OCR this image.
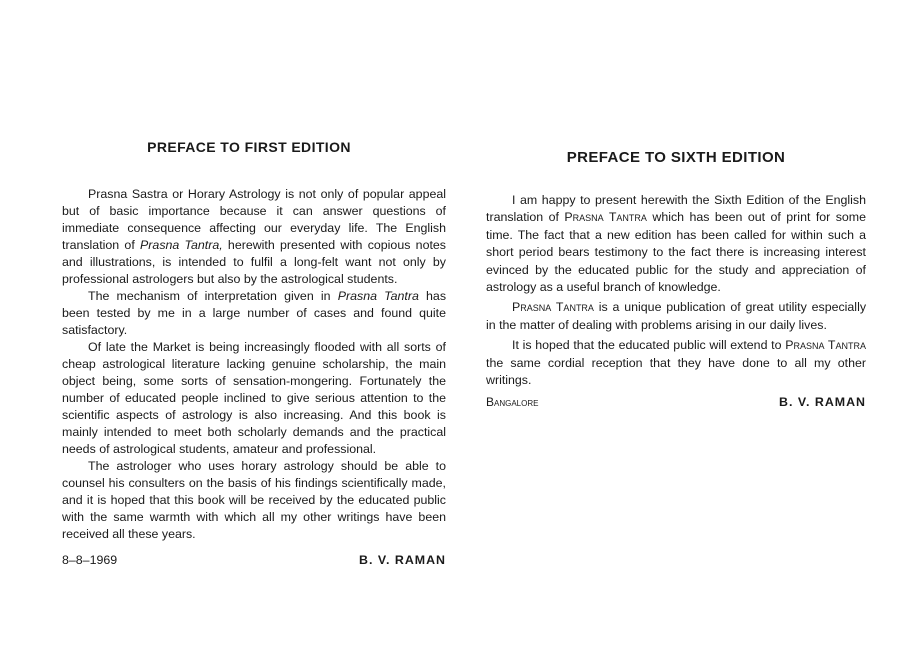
PREFACE TO FIRST EDITION

Prasna Sastra or Horary Astrology is not only of popular appeal but of basic importance because it can answer questions of immediate consequence affecting our everyday life. The English translation of Prasna Tantra, herewith presented with copious notes and illustrations, is intended to fulfil a long-felt want not only by professional astrologers but also by the astrological students.

The mechanism of interpretation given in Prasna Tantra has been tested by me in a large number of cases and found quite satisfactory.

Of late the Market is being increasingly flooded with all sorts of cheap astrological literature lacking genuine scholarship, the main object being, some sorts of sensation-mongering. Fortunately the number of educated people inclined to give serious attention to the scientific aspects of astrology is also increasing. And this book is mainly intended to meet both scholarly demands and the practical needs of astrological students, amateur and professional.

The astrologer who uses horary astrology should be able to counsel his consulters on the basis of his findings scientifically made, and it is hoped that this book will be received by the educated public with the same warmth with which all my other writings have been received all these years.

8–8–1969	B. V. RAMAN
PREFACE TO SIXTH EDITION

I am happy to present herewith the Sixth Edition of the English translation of Prasna Tantra which has been out of print for some time. The fact that a new edition has been called for within such a short period bears testimony to the fact there is increasing interest evinced by the educated public for the study and appreciation of astrology as a useful branch of knowledge.

Prasna Tantra is a unique publication of great utility especially in the matter of dealing with problems arising in our daily lives.

It is hoped that the educated public will extend to Prasna Tantra the same cordial reception that they have done to all my other writings.

Bangalore	B. V. RAMAN
